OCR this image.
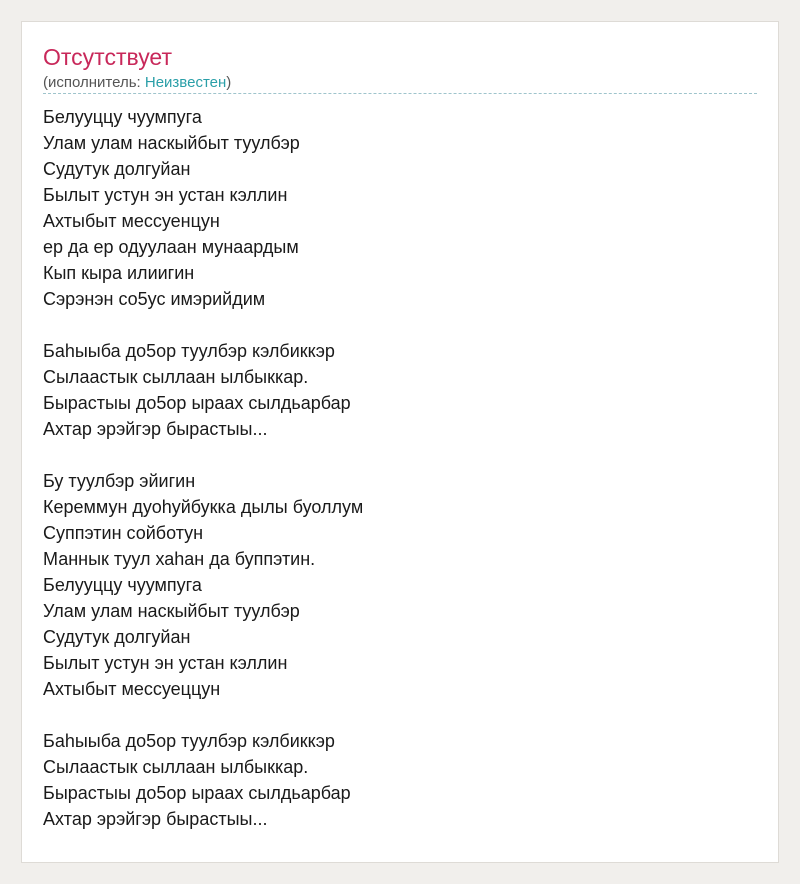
Отсутствует
(исполнитель: Неизвестен)
Белууццу чуумпуга
Улам улам наскыйбыт туулбэр
Судутук долгуйан
Былыт устун эн устан кэллин
Ахтыбыт мессуенцун
ер да ер одуулаан мунаардым
Кып кыра илиигин
Сэрэнэн со5ус имэрийдим
Баhыыба до5ор туулбэр кэлбиккэр
Сылаастык сыллаан ылбыккар.
Бырастыы до5ор ыраах сылдьарбар
Ахтар эрэйгэр бырастыы...
Бу туулбэр эйигин
Кереммун дуоhуйбукка дылы буоллум
Суппэтин сойботун
Маннык туул хаhан да буппэтин.
Белууццу чуумпуга
Улам улам наскыйбыт туулбэр
Судутук долгуйан
Былыт устун эн устан кэллин
Ахтыбыт мессуеццун
Баhыыба до5ор туулбэр кэлбиккэр
Сылаастык сыллаан ылбыккар.
Бырастыы до5ор ыраах сылдьарбар
Ахтар эрэйгэр бырастыы...
